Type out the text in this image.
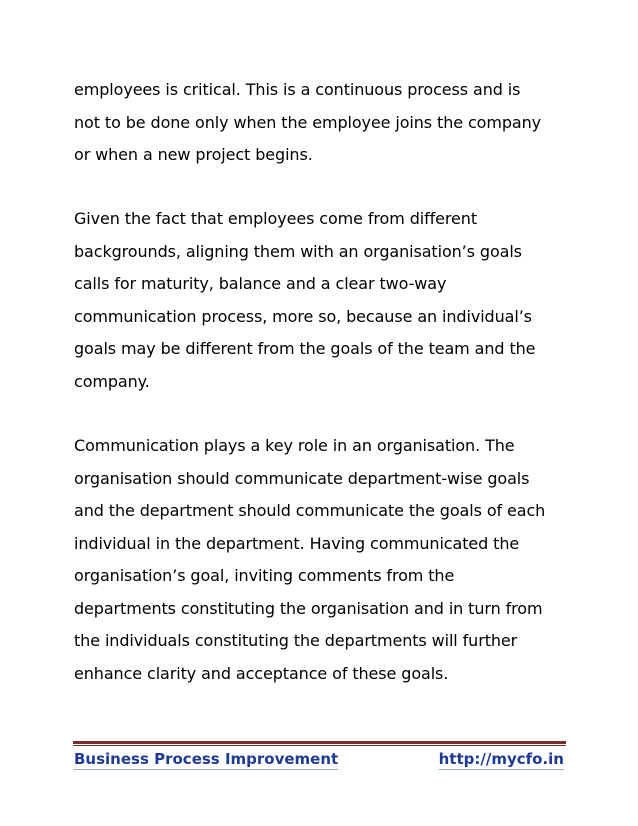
employees is critical. This is a continuous process and is
not to be done only when the employee joins the company
or when a new project begins.
Given the fact that employees come from different
backgrounds, aligning them with an organisation’s goals
calls for maturity, balance and a clear two-way
communication process, more so, because an individual’s
goals may be different from the goals of the team and the
company.
Communication plays a key role in an organisation. The
organisation should communicate department-wise goals
and the department should communicate the goals of each
individual in the department. Having communicated the
organisation’s goal, inviting comments from the
departments constituting the organisation and in turn from
the individuals constituting the departments will further
enhance clarity and acceptance of these goals.
Business Process Improvement	http://mycfo.in
